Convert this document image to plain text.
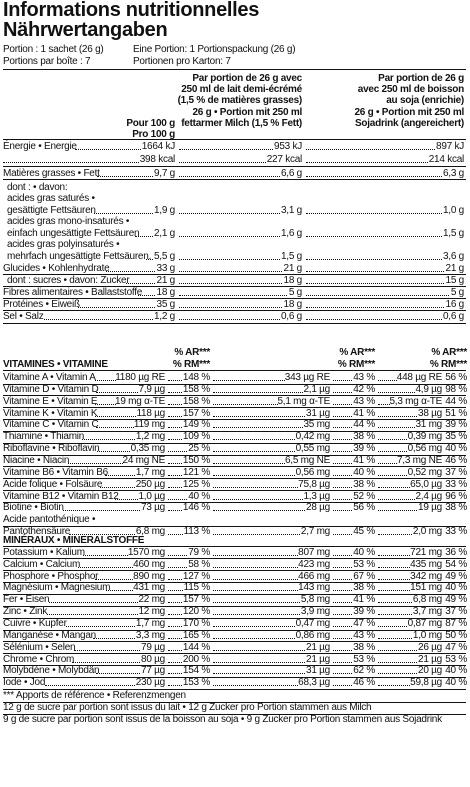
Informations nutritionnelles
Nährwertangaben
Portion : 1 sachet (26 g)	Eine Portion: 1 Portionspackung (26 g)
Portions par boîte : 7	Portionen pro Karton: 7
Par portion de 26 g avec
250 ml de lait demi-écrémé
(1,5 % de matières grasses)
26 g • Portion mit 250 ml
fettarmer Milch (1,5 % Fett)
Par portion de 26 g
avec 250 ml de boisson
au soja (enrichie)
26 g • Portion mit 250 ml
Sojadrink (angereichert)
Pour 100 g
Pro 100 g
Énergie • Energie	1664 kJ	953 kJ	897 kJ
398 kcal	227 kcal	214 kcal
Matières grasses • Fett	9,7 g	6,6 g	6,3 g
dont : • davon:
acides gras saturés •
gesättigte Fettsäuren	1,9 g	3,1 g	1,0 g
acides gras mono-insaturés •
einfach ungesättigte Fettsäuren	2,1 g	1,6 g	1,5 g
acides gras polyinsaturés •
mehrfach ungesättigte Fettsäuren. 5,5 g	1,5 g	3,6 g
Glucides • Kohlenhydrate	33 g	21 g	21 g
dont : sucres • davon: Zucker	21 g	18 g	15 g
Fibres alimentaires • Ballaststoffe	18 g	5 g	5 g
Protéines • Eiweiß	35 g	18 g	16 g
Sel • Salz	1,2 g	0,6 g	0,6 g
% AR***
% RM***
% AR***
% RM***
% AR***
% RM***
VITAMINES • VITAMINE
Vitamine A • Vitamin A	1180 µg RE	148 %	343 µg RE	43 %	448 µg RE 56 %
Vitamine D • Vitamin D	7,9 µg	158 %	2,1 µg	42 %	4,9 µg 98 %
Vitamine E • Vitamin E	19 mg α-TE	158 %	5,1 mg α-TE	43 %	5,3 mg α-TE 44 %
Vitamine K • Vitamin K	118 µg	157 %	31 µg	41 %	38 µg 51 %
Vitamine C • Vitamin C	119 mg	149 %	35 mg	44 %	31 mg 39 %
Thiamine • Thiamin	1,2 mg	109 %	0,42 mg	38 %	0,39 mg 35 %
Riboflavine • Riboflavin	0,35 mg	25 %	0,55 mg	39 %	0,56 mg 40 %
Niacine • Niacin	24 mg NE	150 %	6,5 mg NE	41 %	7,3 mg NE 46 %
Vitamine B6 • Vitamin B6	1,7 mg	121 %	0,56 mg	40 %	0,52 mg 37 %
Acide folique • Folsäure	250 µg	125 %	75,8 µg	38 %	65,0 µg 33 %
Vitamine B12 • Vitamin B12	1,0 µg	40 %	1,3 µg	52 %	2,4 µg 96 %
Biotine • Biotin	73 µg	146 %	28 µg	56 %	19 µg 38 %
Acide pantothénique •
Pantothensäure	6,8 mg	113 %	2,7 mg	45 %	2,0 mg 33 %
MINÉRAUX • MINERALSTOFFE
Potassium • Kalium	1570 mg	79 %	807 mg	40 %	721 mg 36 %
Calcium • Calcium	460 mg	58 %	423 mg	53 %	435 mg 54 %
Phosphore • Phosphor	890 mg	127 %	466 mg	67 %	342 mg 49 %
Magnésium • Magnesium	431 mg	115 %	143 mg	38 %	151 mg 40 %
Fer • Eisen	22 mg	157 %	5,8 mg	41 %	6,8 mg 49 %
Zinc • Zink	12 mg	120 %	3,9 mg	39 %	3,7 mg 37 %
Cuivre • Kupfer	1,7 mg	170 %	0,47 mg	47 %	0,87 mg 87 %
Manganèse • Mangan	3,3 mg	165 %	0,86 mg	43 %	1,0 mg 50 %
Sélénium • Selen	79 µg	144 %	21 µg	38 %	26 µg 47 %
Chrome • Chrom	80 µg	200 %	21 µg	53 %	21 µg 53 %
Molybdène • Molybdän	77 µg	154 %	31 µg	62 %	20 µg 40 %
Iode • Jod	230 µg	153 %	68,3 µg	46 %	59,8 µg 40 %
*** Apports de référence • Referenzmengen
12 g de sucre par portion sont issus du lait • 12 g Zucker pro Portion stammen aus Milch
9 g de sucre par portion sont issus de la boisson au soja • 9 g Zucker pro Portion stammen aus Sojadrink
